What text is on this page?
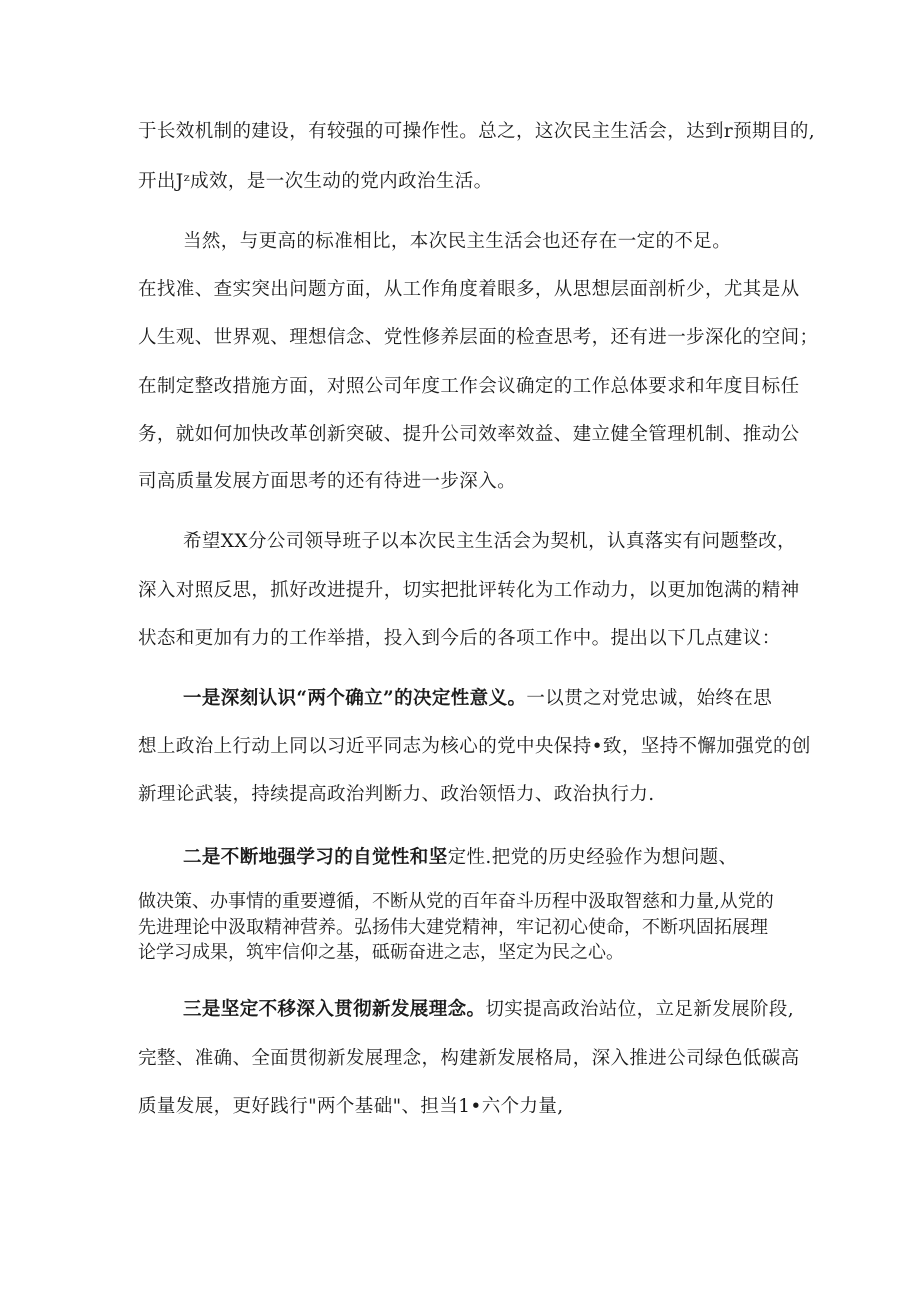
于长效机制的建设，有较强的可操作性。总之，这次民主生活会，达到r预期目的,
开出Jᶻ成效，是一次生动的党内政治生活。
当然，与更高的标准相比，本次民主生活会也还存在一定的不足。
在找准、查实突出问题方面，从工作角度着眼多，从思想层面剖析少，尤其是从
人生观、世界观、理想信念、党性修养层面的检查思考，还有进一步深化的空间；
在制定整改措施方面，对照公司年度工作会议确定的工作总体要求和年度目标任
务，就如何加快改革创新突破、提升公司效率效益、建立健全管理机制、推动公
司高质量发展方面思考的还有待进一步深入。
希望XX分公司领导班子以本次民主生活会为契机，认真落实有问题整改，
深入对照反思，抓好改进提升，切实把批评转化为工作动力，以更加饱满的精神
状态和更加有力的工作举措，投入到今后的各项工作中。提出以下几点建议：
一是深刻认识“两个确立”的决定性意义。一以贯之对党忠诚，始终在思
想上政治上行动上同以习近平同志为核心的党中央保持•致，坚持不懈加强党的创
新理论武装，持续提高政治判断力、政治领悟力、政治执行力.
二是不断地强学习的自觉性和坚定性.把党的历史经验作为想问题、
做决策、办事情的重要遵循，不断从党的百年奋斗历程中汲取智慈和力量,从党的
先进理论中汲取精神营养。弘扬伟大建党精神，牢记初心使命，不断巩固拓展理
论学习成果，筑牢信仰之基，砥砺奋进之志，坚定为民之心。
三是坚定不移深入贯彻新发展理念。切实提高政治站位，立足新发展阶段,
完整、准确、全面贯彻新发展理念，构建新发展格局，深入推进公司绿色低碳高
质量发展，更好践行"两个基础"、担当1•六个力量,
